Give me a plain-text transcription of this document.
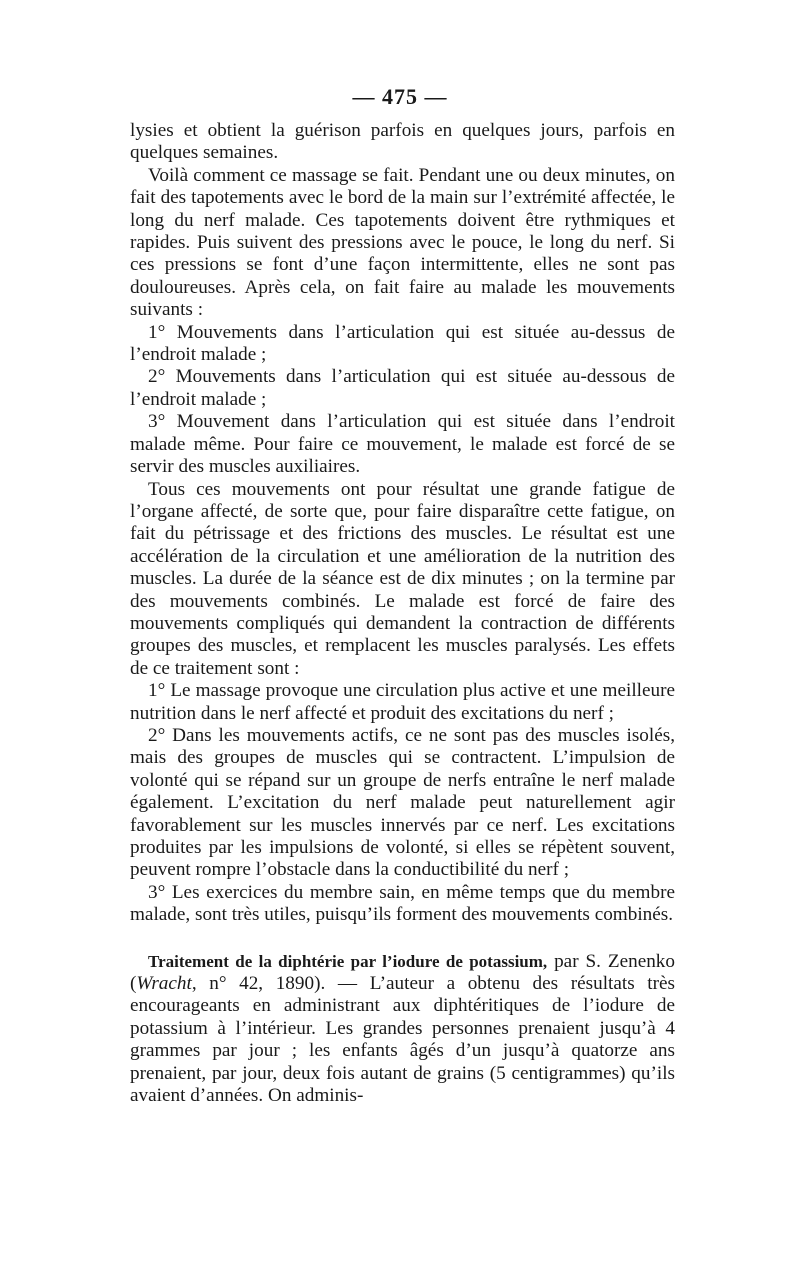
— 475 —

lysies et obtient la guérison parfois en quelques jours, parfois en quelques semaines.

Voilà comment ce massage se fait. Pendant une ou deux minutes, on fait des tapotements avec le bord de la main sur l’extrémité affectée, le long du nerf malade. Ces tapotements doivent être rythmiques et rapides. Puis suivent des pressions avec le pouce, le long du nerf. Si ces pressions se font d’une façon intermittente, elles ne sont pas douloureuses. Après cela, on fait faire au malade les mouvements suivants :

1° Mouvements dans l’articulation qui est située au-dessus de l’endroit malade ;

2° Mouvements dans l’articulation qui est située au-dessous de l’endroit malade ;

3° Mouvement dans l’articulation qui est située dans l’endroit malade même. Pour faire ce mouvement, le malade est forcé de se servir des muscles auxiliaires.

Tous ces mouvements ont pour résultat une grande fatigue de l’organe affecté, de sorte que, pour faire disparaître cette fatigue, on fait du pétrissage et des frictions des muscles. Le résultat est une accélération de la circulation et une amélioration de la nutrition des muscles. La durée de la séance est de dix minutes ; on la termine par des mouvements combinés. Le malade est forcé de faire des mouvements compliqués qui demandent la contraction de différents groupes des muscles, et remplacent les muscles paralysés. Les effets de ce traitement sont :

1° Le massage provoque une circulation plus active et une meilleure nutrition dans le nerf affecté et produit des excitations du nerf ;

2° Dans les mouvements actifs, ce ne sont pas des muscles isolés, mais des groupes de muscles qui se contractent. L’impulsion de volonté qui se répand sur un groupe de nerfs entraîne le nerf malade également. L’excitation du nerf malade peut naturellement agir favorablement sur les muscles innervés par ce nerf. Les excitations produites par les impulsions de volonté, si elles se répètent souvent, peuvent rompre l’obstacle dans la conductibilité du nerf ;

3° Les exercices du membre sain, en même temps que du membre malade, sont très utiles, puisqu’ils forment des mouvements combinés.

Traitement de la diphtérie par l’iodure de potassium, par S. Zenenko (Wracht, n° 42, 1890). — L’auteur a obtenu des résultats très encourageants en administrant aux diphtéritiques de l’iodure de potassium à l’intérieur. Les grandes personnes prenaient jusqu’à 4 grammes par jour ; les enfants âgés d’un jusqu’à quatorze ans prenaient, par jour, deux fois autant de grains (5 centigrammes) qu’ils avaient d’années. On adminis-
